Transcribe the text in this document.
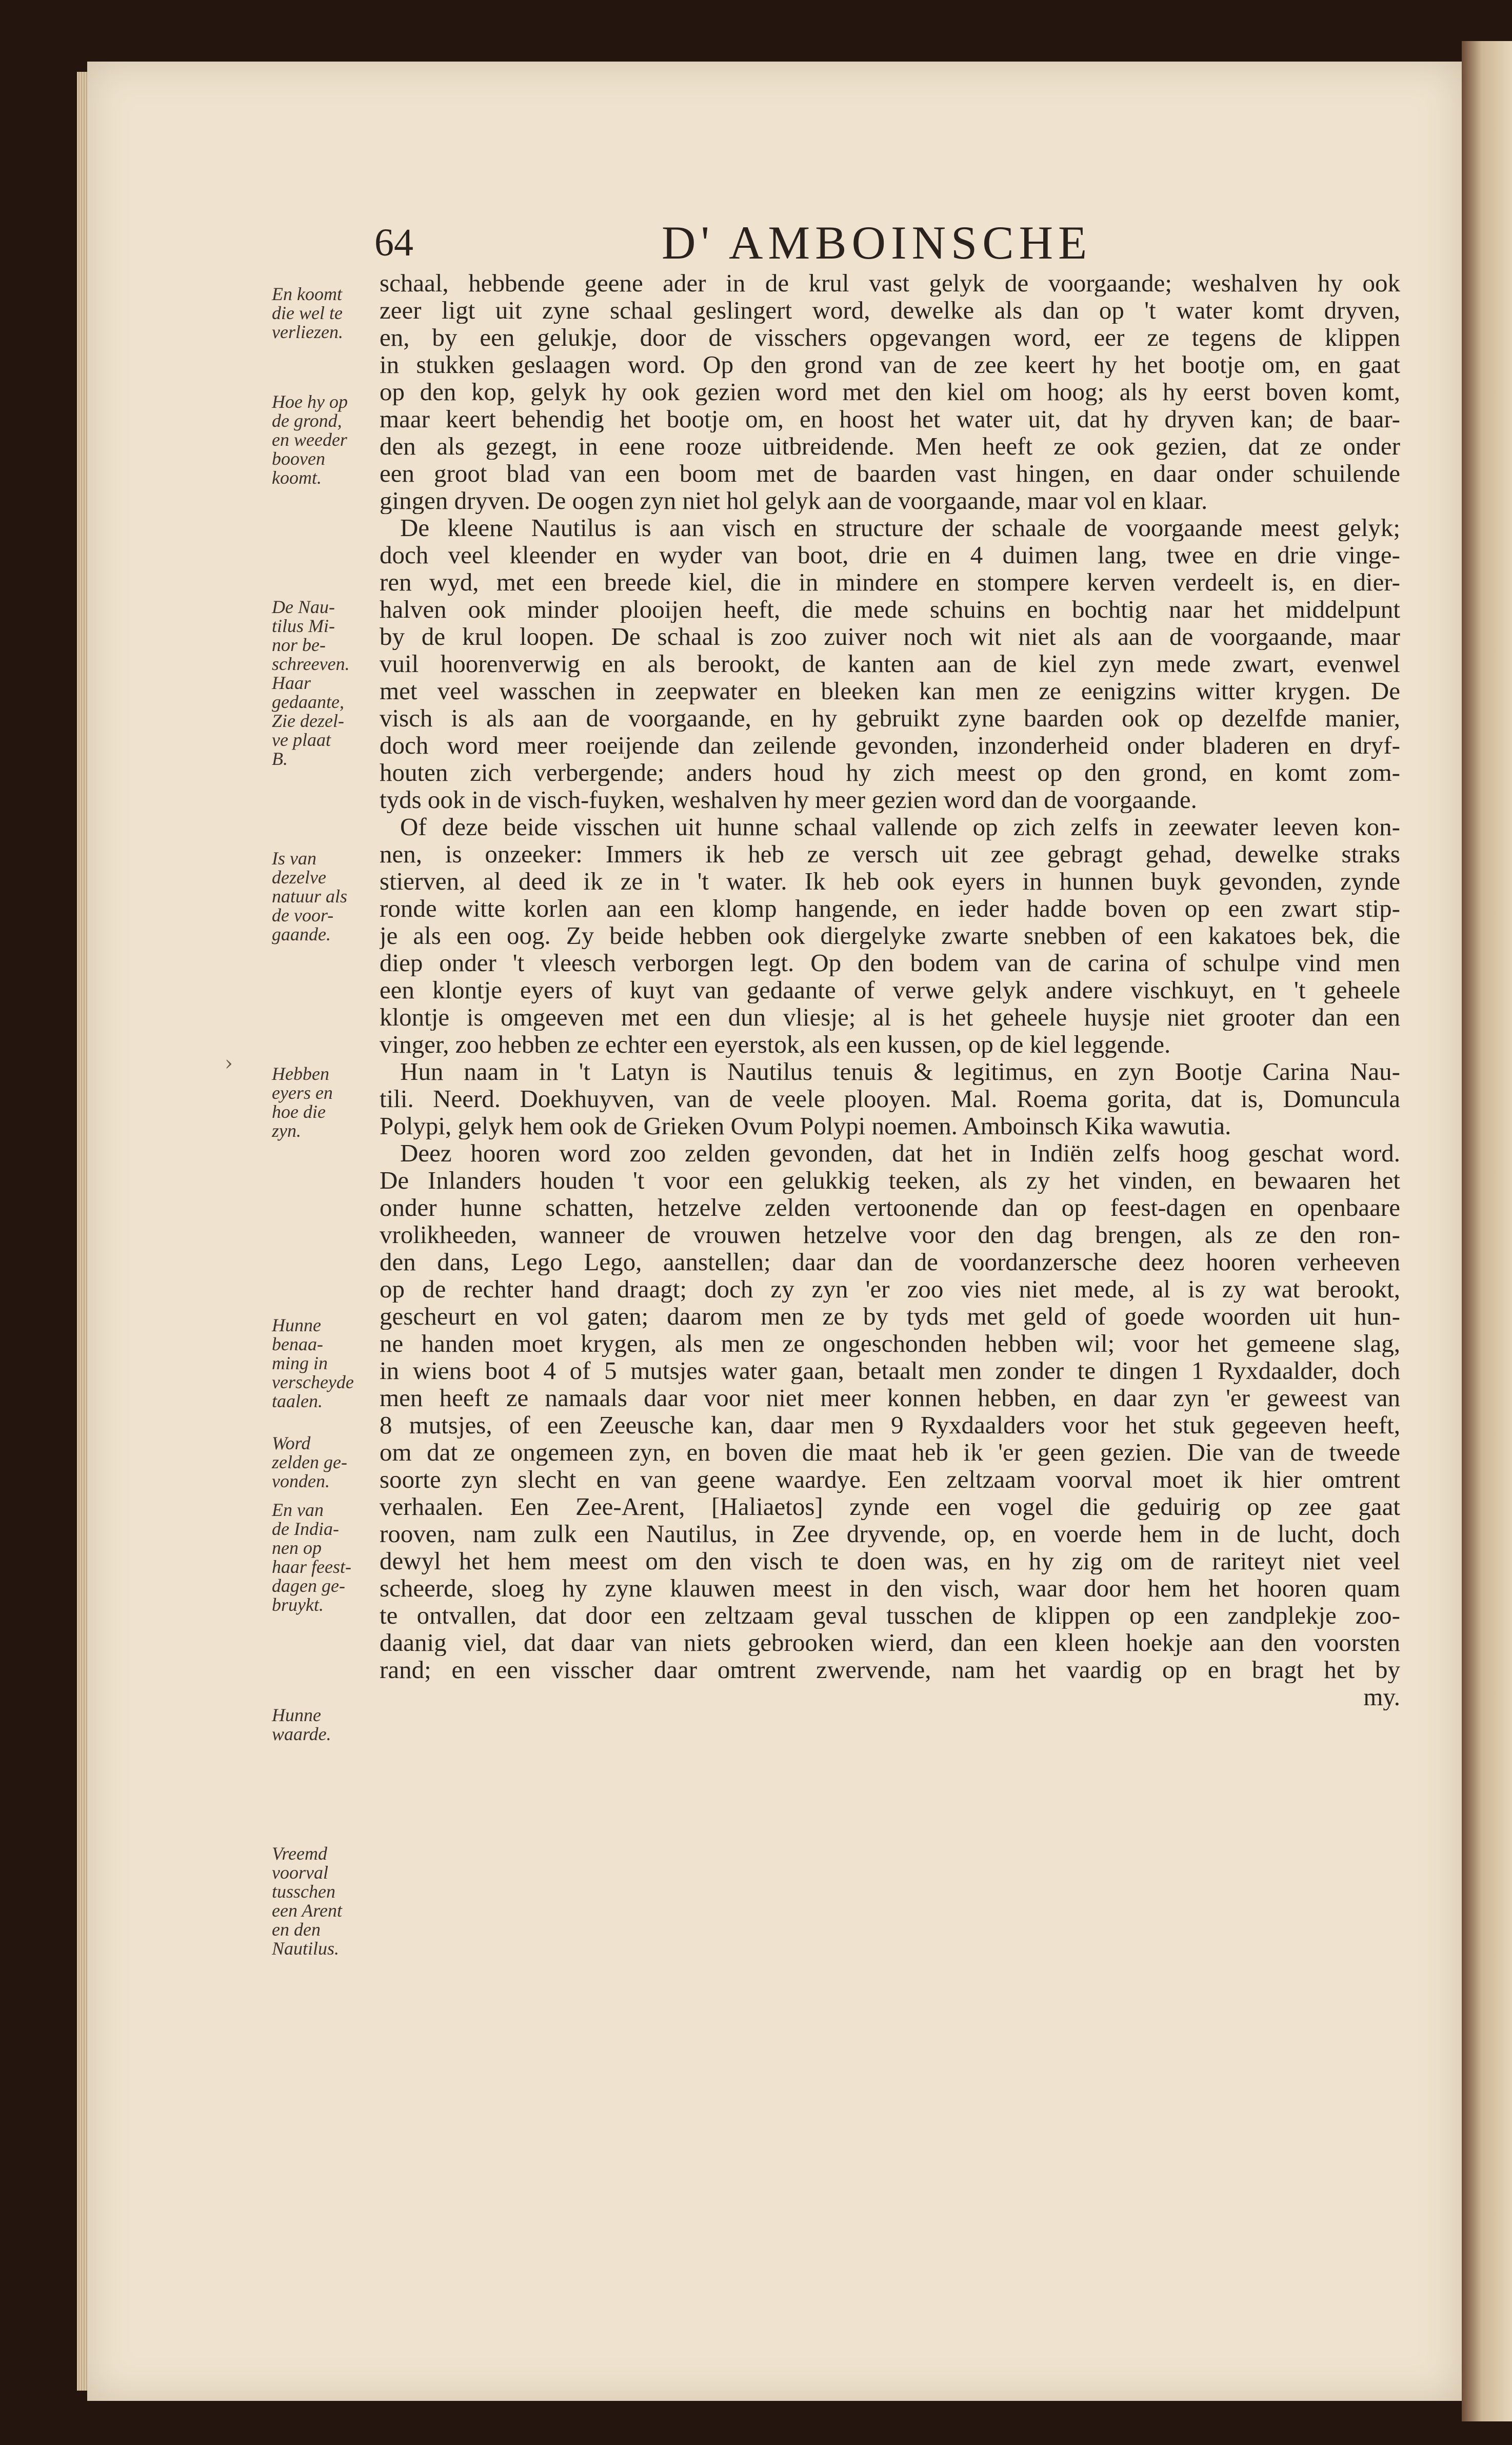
64	D' AMBOINSCHE
En koomt
die wel te
verliezen.
Hoe hy op
de grond,
en weeder
booven
koomt.
De Nau-
tilus Mi-
nor be-
schreeven.
Haar
gedaante,
Zie dezel-
ve plaat
B.
Is van
dezelve
natuur als
de voor-
gaande.
Hebben
eyers en
hoe die
zyn.
Hunne
benaa-
ming in
verscheyde
taalen.
Word
zelden ge-
vonden.
En van
de India-
nen op
haar feest-
dagen ge-
bruykt.
Hunne
waarde.
Vreemd
voorval
tusschen
een Arent
en den
Nautilus.
schaal, hebbende geene ader in de krul vast gelyk de voorgaande; weshalven hy ook
zeer ligt uit zyne schaal geslingert word, dewelke als dan op 't water komt dryven,
en, by een gelukje, door de visschers opgevangen word, eer ze tegens de klippen
in stukken geslaagen word. Op den grond van de zee keert hy het bootje om, en gaat
op den kop, gelyk hy ook gezien word met den kiel om hoog; als hy eerst boven komt,
maar keert behendig het bootje om, en hoost het water uit, dat hy dryven kan; de baar-
den als gezegt, in eene rooze uitbreidende. Men heeft ze ook gezien, dat ze onder
een groot blad van een boom met de baarden vast hingen, en daar onder schuilende
gingen dryven. De oogen zyn niet hol gelyk aan de voorgaande, maar vol en klaar.
De kleene Nautilus is aan visch en structure der schaale de voorgaande meest gelyk;
doch veel kleender en wyder van boot, drie en 4 duimen lang, twee en drie vinge-
ren wyd, met een breede kiel, die in mindere en stompere kerven verdeelt is, en dier-
halven ook minder plooijen heeft, die mede schuins en bochtig naar het middelpunt
by de krul loopen. De schaal is zoo zuiver noch wit niet als aan de voorgaande, maar
vuil hoorenverwig en als berookt, de kanten aan de kiel zyn mede zwart, evenwel
met veel wasschen in zeepwater en bleeken kan men ze eenigzins witter krygen. De
visch is als aan de voorgaande, en hy gebruikt zyne baarden ook op dezelfde manier,
doch word meer roeijende dan zeilende gevonden, inzonderheid onder bladeren en dryf-
houten zich verbergende; anders houd hy zich meest op den grond, en komt zom-
tyds ook in de visch-fuyken, weshalven hy meer gezien word dan de voorgaande.
Of deze beide visschen uit hunne schaal vallende op zich zelfs in zeewater leeven kon-
nen, is onzeeker: Immers ik heb ze versch uit zee gebragt gehad, dewelke straks
stierven, al deed ik ze in 't water. Ik heb ook eyers in hunnen buyk gevonden, zynde
ronde witte korlen aan een klomp hangende, en ieder hadde boven op een zwart stip-
je als een oog. Zy beide hebben ook diergelyke zwarte snebben of een kakatoes bek, die
diep onder 't vleesch verborgen legt. Op den bodem van de carina of schulpe vind men
een klontje eyers of kuyt van gedaante of verwe gelyk andere vischkuyt, en 't geheele
klontje is omgeeven met een dun vliesje; al is het geheele huysje niet grooter dan een
vinger, zoo hebben ze echter een eyerstok, als een kussen, op de kiel leggende.
Hun naam in 't Latyn is Nautilus tenuis & legitimus, en zyn Bootje Carina Nau-
tili. Neerd. Doekhuyven, van de veele plooyen. Mal. Roema gorita, dat is, Domuncula
Polypi, gelyk hem ook de Grieken Ovum Polypi noemen. Amboinsch Kika wawutia.
Deez hooren word zoo zelden gevonden, dat het in Indiën zelfs hoog geschat word.
De Inlanders houden 't voor een gelukkig teeken, als zy het vinden, en bewaaren het
onder hunne schatten, hetzelve zelden vertoonende dan op feest-dagen en openbaare
vrolikheeden, wanneer de vrouwen hetzelve voor den dag brengen, als ze den ron-
den dans, Lego Lego, aanstellen; daar dan de voordanzersche deez hooren verheeven
op de rechter hand draagt; doch zy zyn 'er zoo vies niet mede, al is zy wat berookt,
gescheurt en vol gaten; daarom men ze by tyds met geld of goede woorden uit hun-
ne handen moet krygen, als men ze ongeschonden hebben wil; voor het gemeene slag,
in wiens boot 4 of 5 mutsjes water gaan, betaalt men zonder te dingen 1 Ryxdaalder, doch
men heeft ze namaals daar voor niet meer konnen hebben, en daar zyn 'er geweest van
8 mutsjes, of een Zeeusche kan, daar men 9 Ryxdaalders voor het stuk gegeeven heeft,
om dat ze ongemeen zyn, en boven die maat heb ik 'er geen gezien. Die van de tweede
soorte zyn slecht en van geene waardye. Een zeltzaam voorval moet ik hier omtrent
verhaalen. Een Zee-Arent, [Haliaetos] zynde een vogel die geduirig op zee gaat
rooven, nam zulk een Nautilus, in Zee dryvende, op, en voerde hem in de lucht, doch
dewyl het hem meest om den visch te doen was, en hy zig om de rariteyt niet veel
scheerde, sloeg hy zyne klauwen meest in den visch, waar door hem het hooren quam
te ontvallen, dat door een zeltzaam geval tusschen de klippen op een zandplekje zoo-
daanig viel, dat daar van niets gebrooken wierd, dan een kleen hoekje aan den voorsten
rand; en een visscher daar omtrent zwervende, nam het vaardig op en bragt het by
my.
›
